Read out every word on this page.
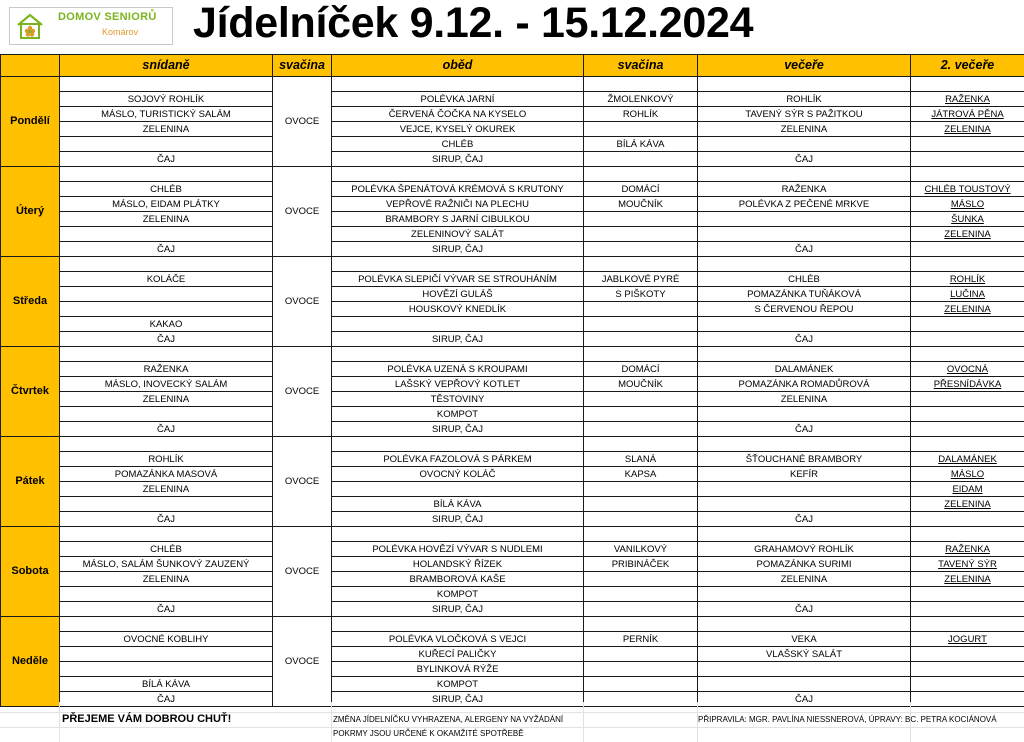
DOMOV SENIORŮ
Komárov Jídelníček 9.12. - 15.12.2024
	snídaně	svačina	oběd	svačina	večeře	2. večeře
Pondělí		OVOCE				
	SOJOVÝ ROHLÍK		POLÉVKA JARNÍ	ŽMOLENKOVÝ	ROHLÍK	RAŽENKA
	MÁSLO, TURISTICKÝ SALÁM		ČERVENÁ ČOČKA NA KYSELO	ROHLÍK	TAVENÝ SÝR S PAŽITKOU	JÁTROVÁ PĚNA
	ZELENINA		VEJCE, KYSELÝ OKUREK		ZELENINA	ZELENINA
			CHLÉB	BÍLÁ KÁVA		
	ČAJ		SIRUP, ČAJ		ČAJ	
Úterý		OVOCE				
	CHLÉB		POLÉVKA ŠPENÁTOVÁ KRÉMOVÁ S KRUTONY	DOMÁCÍ	RAŽENKA	CHLÉB TOUSTOVÝ
	MÁSLO, EIDAM PLÁTKY		VEPŘOVÉ RAŽNIČI NA PLECHU	MOUČNÍK	POLÉVKA Z PEČENÉ MRKVE	MÁSLO
	ZELENINA		BRAMBORY S JARNÍ CIBULKOU			ŠUNKA
			ZELENINOVÝ SALÁT			ZELENINA
	ČAJ		SIRUP, ČAJ		ČAJ	
Středa		OVOCE				
	KOLÁČE		POLÉVKA SLEPIČÍ VÝVAR SE STROUHÁNÍM	JABLKOVÉ PYRÉ	CHLÉB	ROHLÍK
			HOVĚZÍ GULÁŠ	S PIŠKOTY	POMAZÁNKA TUŇÁKOVÁ	LUČINA
			HOUSKOVÝ KNEDLÍK		S ČERVENOU ŘEPOU	ZELENINA
	KAKAO					
	ČAJ		SIRUP, ČAJ		ČAJ	
Čtvrtek		OVOCE				
	RAŽENKA		POLÉVKA UZENÁ S KROUPAMI	DOMÁCÍ	DALAMÁNEK	OVOCNÁ
	MÁSLO, INOVECKÝ SALÁM		LAŠSKÝ VEPŘOVÝ KOTLET	MOUČNÍK	POMAZÁNKA ROMADŮROVÁ	PŘESNÍDÁVKA
	ZELENINA		TĚSTOVINY		ZELENINA	
			KOMPOT			
	ČAJ		SIRUP, ČAJ		ČAJ	
Pátek		OVOCE				
	ROHLÍK		POLÉVKA FAZOLOVÁ S PÁRKEM	SLANÁ	ŠŤOUCHANÉ BRAMBORY	DALAMÁNEK
	POMAZÁNKA MASOVÁ		OVOCNÝ KOLÁČ	KAPSA	KEFÍR	MÁSLO
	ZELENINA					EIDAM
			BÍLÁ KÁVA			ZELENINA
	ČAJ		SIRUP, ČAJ		ČAJ	
Sobota		OVOCE				
	CHLÉB		POLÉVKA HOVĚZÍ VÝVAR S NUDLEMI	VANILKOVÝ	GRAHAMOVÝ ROHLÍK	RAŽENKA
	MÁSLO, SALÁM ŠUNKOVÝ ZAUZENÝ		HOLANDSKÝ ŘÍZEK	PRIBINÁČEK	POMAZÁNKA SURIMI	TAVENÝ SÝR
	ZELENINA		BRAMBOROVÁ KAŠE		ZELENINA	ZELENINA
			KOMPOT			
	ČAJ		SIRUP, ČAJ		ČAJ	
Neděle		OVOCE				
	OVOCNÉ KOBLIHY		POLÉVKA VLOČKOVÁ S VEJCI	PERNÍK	VEKA	JOGURT
			KUŘECÍ PALIČKY		VLAŠSKÝ SALÁT	
			BYLINKOVÁ RÝŽE			
	BÍLÁ KÁVA		KOMPOT			
	ČAJ		SIRUP, ČAJ		ČAJ	
PŘEJEME VÁM DOBROU CHUŤ!	ZMĚNA JÍDELNÍČKU VYHRAZENA, ALERGENY NA VYŽÁDÁNÍ
POKRMY JSOU URČENÉ K OKAMŽITÉ SPOTŘEBĚ
PŘIPRAVILA: MGR. PAVLÍNA NIESSNEROVÁ, ÚPRAVY: BC. PETRA KOCIÁNOVÁ
